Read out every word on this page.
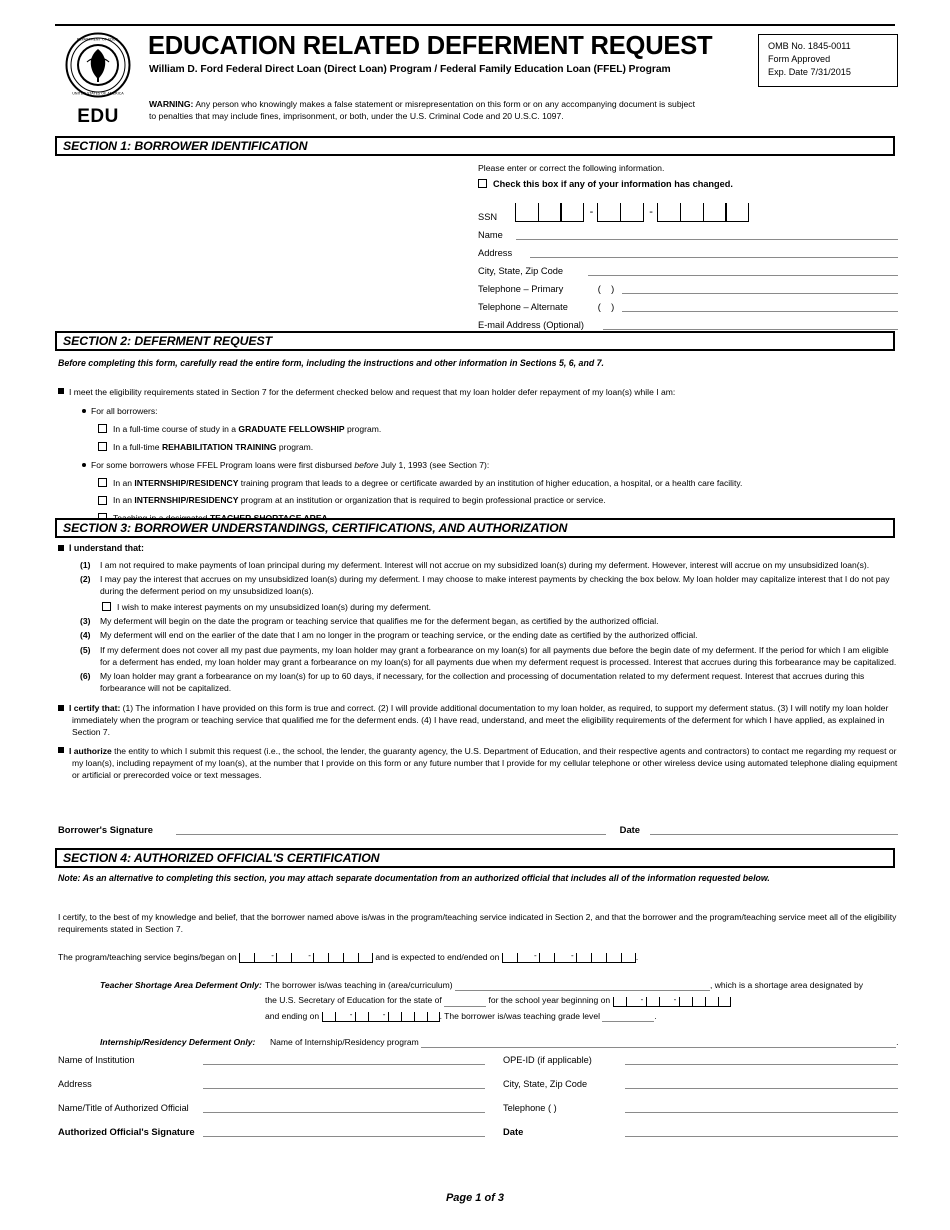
DEPARTMENT OF EDUC.
UNITED STATES OF AMERICA
EDU
EDUCATION RELATED DEFERMENT REQUEST
William D. Ford Federal Direct Loan (Direct Loan) Program / Federal Family Education Loan (FFEL) Program
WARNING: Any person who knowingly makes a false statement or misrepresentation on this form or on any accompanying document is subject
to penalties that may include fines, imprisonment, or both, under the U.S. Criminal Code and 20 U.S.C. 1097.
OMB No. 1845-0011
Form Approved
Exp. Date 7/31/2015
SECTION 1: BORROWER IDENTIFICATION
Please enter or correct the following information.
Check this box if any of your information has changed.
SSN	-	-
Name
Address
City, State, Zip Code
Telephone – Primary	(    )
Telephone – Alternate	(    )
E-mail Address (Optional)
SECTION 2: DEFERMENT REQUEST
Before completing this form, carefully read the entire form, including the instructions and other information in Sections 5, 6, and 7.
I meet the eligibility requirements stated in Section 7 for the deferment checked below and request that my loan holder defer repayment of my loan(s) while I am:
For all borrowers:
In a full-time course of study in a GRADUATE FELLOWSHIP program.
In a full-time REHABILITATION TRAINING program.
For some borrowers whose FFEL Program loans were first disbursed before July 1, 1993 (see Section 7):
In an INTERNSHIP/RESIDENCY training program that leads to a degree or certificate awarded by an institution of higher education, a hospital, or a health care facility.
In an INTERNSHIP/RESIDENCY program at an institution or organization that is required to begin professional practice or service.
SECTION 3: BORROWER UNDERSTANDINGS, CERTIFICATIONS, AND AUTHORIZATION
I understand that:
(1)	I am not required to make payments of loan principal during my deferment. Interest will not accrue on my subsidized loan(s) during my deferment. However, interest will accrue on my unsubsidized loan(s).
(2)	I may pay the interest that accrues on my unsubsidized loan(s) during my deferment. I may choose to make interest payments by checking the box below. My loan holder may capitalize interest that I do not pay during the deferment period on my unsubsidized loan(s).
I wish to make interest payments on my unsubsidized loan(s) during my deferment.
(3)	My deferment will begin on the date the program or teaching service that qualifies me for the deferment began, as certified by the authorized official.
(4)	My deferment will end on the earlier of the date that I am no longer in the program or teaching service, or the ending date as certified by the authorized official.
(5)	If my deferment does not cover all my past due payments, my loan holder may grant a forbearance on my loan(s) for all payments due before the begin date of my deferment. If the period for which I am eligible for a deferment has ended, my loan holder may grant a forbearance on my loan(s) for all payments due when my deferment request is processed. Interest that accrues during this forbearance may be capitalized.
(6)	My loan holder may grant a forbearance on my loan(s) for up to 60 days, if necessary, for the collection and processing of documentation related to my deferment request. Interest that accrues during this forbearance will not be capitalized.
I certify that: (1) The information I have provided on this form is true and correct. (2) I will provide additional documentation to my loan holder, as required, to support my deferment status. (3) I will notify my loan holder immediately when the program or teaching service that qualified me for the deferment ends. (4) I have read, understand, and meet the eligibility requirements of the deferment for which I have applied, as explained in Section 7.
I authorize the entity to which I submit this request (i.e., the school, the lender, the guaranty agency, the U.S. Department of Education, and their respective agents and contractors) to contact me regarding my request or my loan(s), including repayment of my loan(s), at the number that I provide on this form or any future number that I provide for my cellular telephone or other wireless device using automated telephone dialing equipment or artificial or prerecorded voice or text messages.
Borrower's Signature	Date
SECTION 4: AUTHORIZED OFFICIAL'S CERTIFICATION
Note: As an alternative to completing this section, you may attach separate documentation from an authorized official that includes all of the information requested below.
I certify, to the best of my knowledge and belief, that the borrower named above is/was in the program/teaching service indicated in Section 2, and that the borrower and the program/teaching service meet all of the eligibility requirements stated in Section 7.
The program/teaching service begins/began on	-	-	and is expected to end/ended on	-	-	.
Teacher Shortage Area Deferment Only: The borrower is/was teaching in (area/curriculum)	, which is a shortage area designated by
the U.S. Secretary of Education for the state of	for the school year beginning on	-	-
and ending on	-	-	. The borrower is/was teaching grade level	.
Internship/Residency Deferment Only:	Name of Internship/Residency program	.
Name of Institution	OPE-ID (if applicable)
Address	City, State, Zip Code
Name/Title of Authorized Official	Telephone ( )
Authorized Official's Signature	Date
Page 1 of 3
